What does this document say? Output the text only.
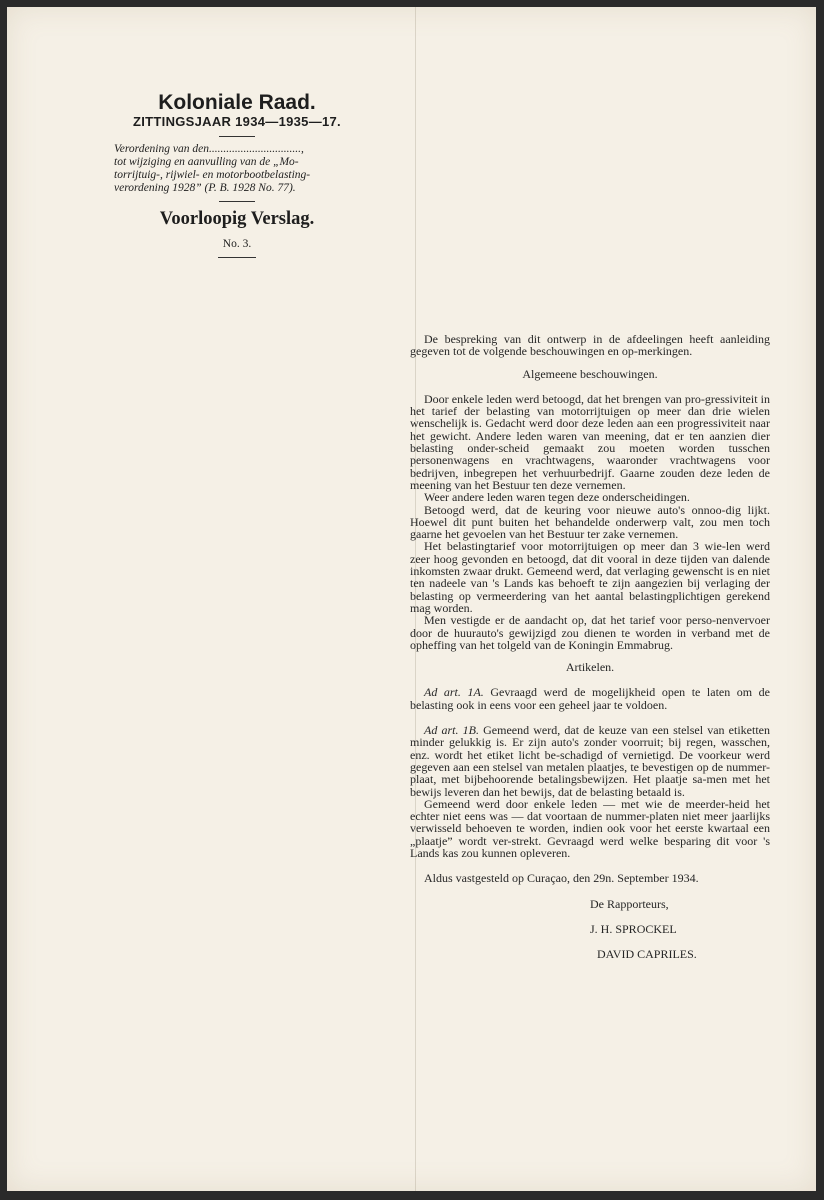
Koloniale Raad.
ZITTINGSJAAR 1934—1935—17.
Verordening van den................................,
tot wijziging en aanvulling van de „Mo-
torrijtuig-, rijwiel- en motorbootbelasting-
verordening 1928” (P. B. 1928 No. 77).
Voorloopig Verslag.
No. 3.

De bespreking van dit ontwerp in de afdeelingen heeft aanleiding gegeven tot de volgende beschouwingen en op-merkingen.

Algemeene beschouwingen.

Door enkele leden werd betoogd, dat het brengen van pro-gressiviteit in het tarief der belasting van motorrijtuigen op meer dan drie wielen wenschelijk is. Gedacht werd door deze leden aan een progressiviteit naar het gewicht. Andere leden waren van meening, dat er ten aanzien dier belasting onder-scheid gemaakt zou moeten worden tusschen personenwagens en vrachtwagens, waaronder vrachtwagens voor bedrijven, inbegrepen het verhuurbedrijf. Gaarne zouden deze leden de meening van het Bestuur ten deze vernemen.

Weer andere leden waren tegen deze onderscheidingen.

Betoogd werd, dat de keuring voor nieuwe auto's onnoo-dig lijkt. Hoewel dit punt buiten het behandelde onderwerp valt, zou men toch gaarne het gevoelen van het Bestuur ter zake vernemen.

Het belastingtarief voor motorrijtuigen op meer dan 3 wie-len werd zeer hoog gevonden en betoogd, dat dit vooral in deze tijden van dalende inkomsten zwaar drukt. Gemeend werd, dat verlaging gewenscht is en niet ten nadeele van 's Lands kas behoeft te zijn aangezien bij verlaging der belasting op vermeerdering van het aantal belastingplichtigen gerekend mag worden.

Men vestigde er de aandacht op, dat het tarief voor perso-nenvervoer door de huurauto's gewijzigd zou dienen te worden in verband met de opheffing van het tolgeld van de Koningin Emmabrug.

Artikelen.

Ad art. 1A. Gevraagd werd de mogelijkheid open te laten om de belasting ook in eens voor een geheel jaar te voldoen.

Ad art. 1B. Gemeend werd, dat de keuze van een stelsel van etiketten minder gelukkig is. Er zijn auto's zonder voorruit; bij regen, wasschen, enz. wordt het etiket licht be-schadigd of vernietigd. De voorkeur werd gegeven aan een stelsel van metalen plaatjes, te bevestigen op de nummer-plaat, met bijbehoorende betalingsbewijzen. Het plaatje sa-men met het bewijs leveren dan het bewijs, dat de belasting betaald is.

Gemeend werd door enkele leden — met wie de meerder-heid het echter niet eens was — dat voortaan de nummer-platen niet meer jaarlijks verwisseld behoeven te worden, indien ook voor het eerste kwartaal een „plaatje” wordt ver-strekt. Gevraagd werd welke besparing dit voor 's Lands kas zou kunnen opleveren.

Aldus vastgesteld op Curaçao, den 29n. September 1934.

De Rapporteurs,

J. H. SPROCKEL

DAVID CAPRILES.
